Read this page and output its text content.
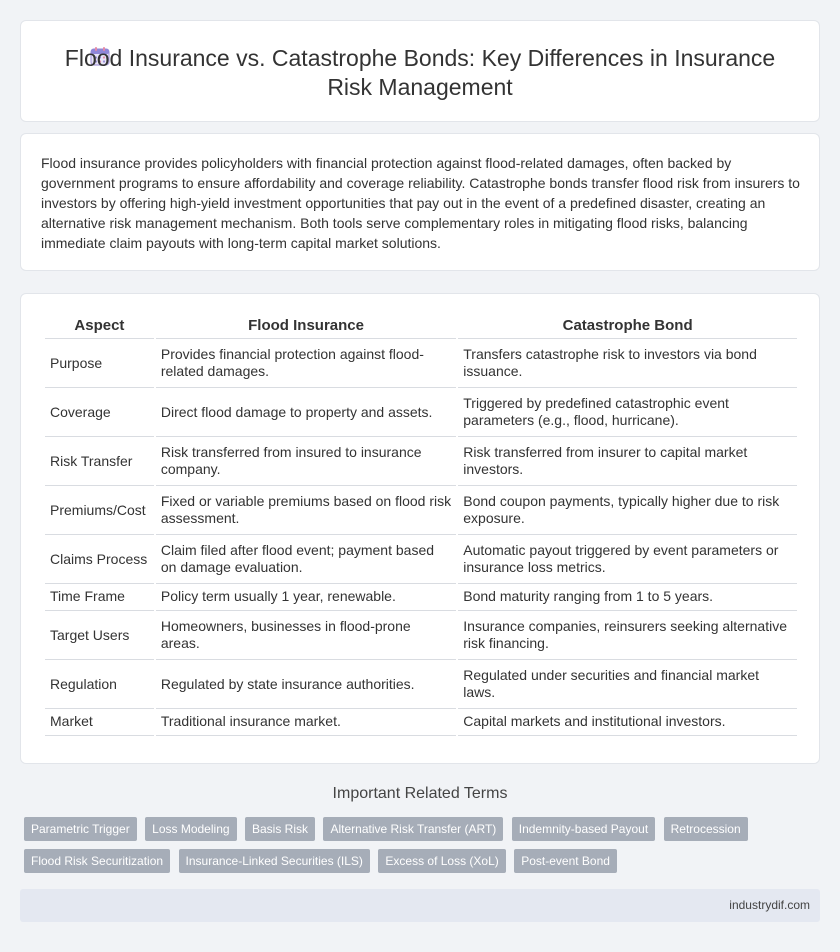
Flood Insurance vs. Catastrophe Bonds: Key Differences in Insurance Risk Management

Flood insurance provides policyholders with financial protection against flood-related damages, often backed by government programs to ensure affordability and coverage reliability. Catastrophe bonds transfer flood risk from insurers to investors by offering high-yield investment opportunities that pay out in the event of a predefined disaster, creating an alternative risk management mechanism. Both tools serve complementary roles in mitigating flood risks, balancing immediate claim payouts with long-term capital market solutions.

Aspect	Flood Insurance	Catastrophe Bond
Purpose	Provides financial protection against flood-related damages.	Transfers catastrophe risk to investors via bond issuance.
Coverage	Direct flood damage to property and assets.	Triggered by predefined catastrophic event parameters (e.g., flood, hurricane).
Risk Transfer	Risk transferred from insured to insurance company.	Risk transferred from insurer to capital market investors.
Premiums/Cost	Fixed or variable premiums based on flood risk assessment.	Bond coupon payments, typically higher due to risk exposure.
Claims Process	Claim filed after flood event; payment based on damage evaluation.	Automatic payout triggered by event parameters or insurance loss metrics.
Time Frame	Policy term usually 1 year, renewable.	Bond maturity ranging from 1 to 5 years.
Target Users	Homeowners, businesses in flood-prone areas.	Insurance companies, reinsurers seeking alternative risk financing.
Regulation	Regulated by state insurance authorities.	Regulated under securities and financial market laws.
Market	Traditional insurance market.	Capital markets and institutional investors.
Important Related Terms
Parametric Trigger Loss Modeling Basis Risk Alternative Risk Transfer (ART) Indemnity-based Payout Retrocession Flood Risk Securitization Insurance-Linked Securities (ILS) Excess of Loss (XoL) Post-event Bond
industrydif.com
